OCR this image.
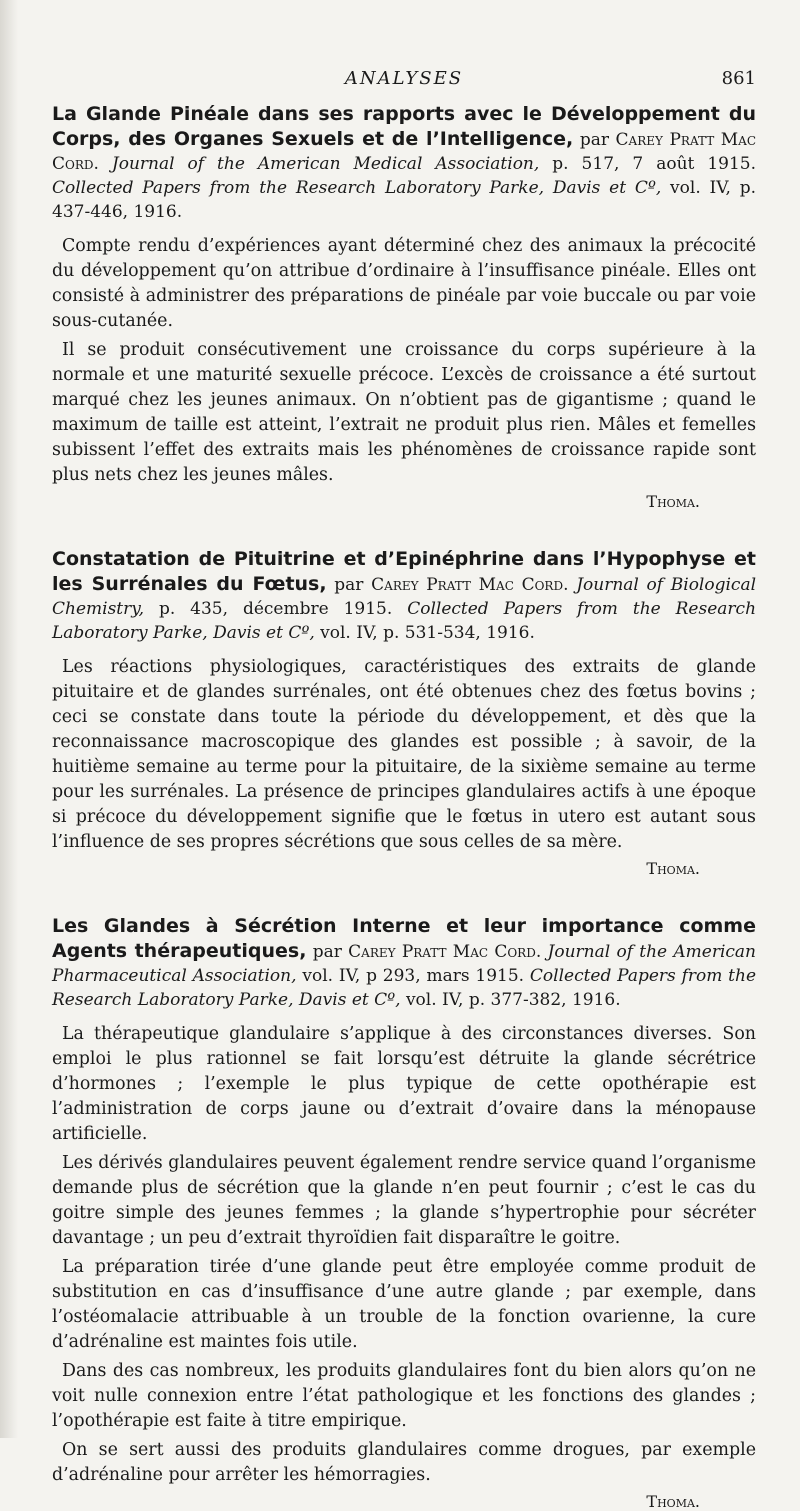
ANALYSES	861

La Glande Pinéale dans ses rapports avec le Développement du Corps, des Organes Sexuels et de l’Intelligence, par Carey Pratt Mac Cord. Journal of the American Medical Association, p. 517, 7 août 1915. Collected Papers from the Research Laboratory Parke, Davis et Cº, vol. IV, p. 437-446, 1916.

Compte rendu d’expériences ayant déterminé chez des animaux la précocité du développement qu’on attribue d’ordinaire à l’insuffisance pinéale. Elles ont consisté à administrer des préparations de pinéale par voie buccale ou par voie sous-cutanée.

Il se produit consécutivement une croissance du corps supérieure à la normale et une maturité sexuelle précoce. L’excès de croissance a été surtout marqué chez les jeunes animaux. On n’obtient pas de gigantisme ; quand le maximum de taille est atteint, l’extrait ne produit plus rien. Mâles et femelles subissent l’effet des extraits mais les phénomènes de croissance rapide sont plus nets chez les jeunes mâles.

Thoma.

Constatation de Pituitrine et d’Epinéphrine dans l’Hypophyse et les Surrénales du Fœtus, par Carey Pratt Mac Cord. Journal of Biological Chemistry, p. 435, décembre 1915. Collected Papers from the Research Laboratory Parke, Davis et Cº, vol. IV, p. 531-534, 1916.

Les réactions physiologiques, caractéristiques des extraits de glande pituitaire et de glandes surrénales, ont été obtenues chez des fœtus bovins ; ceci se constate dans toute la période du développement, et dès que la reconnaissance macroscopique des glandes est possible ; à savoir, de la huitième semaine au terme pour la pituitaire, de la sixième semaine au terme pour les surrénales. La présence de principes glandulaires actifs à une époque si précoce du développement signifie que le fœtus in utero est autant sous l’influence de ses propres sécrétions que sous celles de sa mère.

Thoma.

Les Glandes à Sécrétion Interne et leur importance comme Agents thérapeutiques, par Carey Pratt Mac Cord. Journal of the American Pharmaceutical Association, vol. IV, p 293, mars 1915. Collected Papers from the Research Laboratory Parke, Davis et Cº, vol. IV, p. 377-382, 1916.

La thérapeutique glandulaire s’applique à des circonstances diverses. Son emploi le plus rationnel se fait lorsqu’est détruite la glande sécrétrice d’hormones ; l’exemple le plus typique de cette opothérapie est l’administration de corps jaune ou d’extrait d’ovaire dans la ménopause artificielle.

Les dérivés glandulaires peuvent également rendre service quand l’organisme demande plus de sécrétion que la glande n’en peut fournir ; c’est le cas du goitre simple des jeunes femmes ; la glande s’hypertrophie pour sécréter davantage ; un peu d’extrait thyroïdien fait disparaître le goitre.

La préparation tirée d’une glande peut être employée comme produit de substitution en cas d’insuffisance d’une autre glande ; par exemple, dans l’ostéomalacie attribuable à un trouble de la fonction ovarienne, la cure d’adrénaline est maintes fois utile.

Dans des cas nombreux, les produits glandulaires font du bien alors qu’on ne voit nulle connexion entre l’état pathologique et les fonctions des glandes ; l’opothérapie est faite à titre empirique.

On se sert aussi des produits glandulaires comme drogues, par exemple d’adrénaline pour arrêter les hémorragies.

Thoma.
